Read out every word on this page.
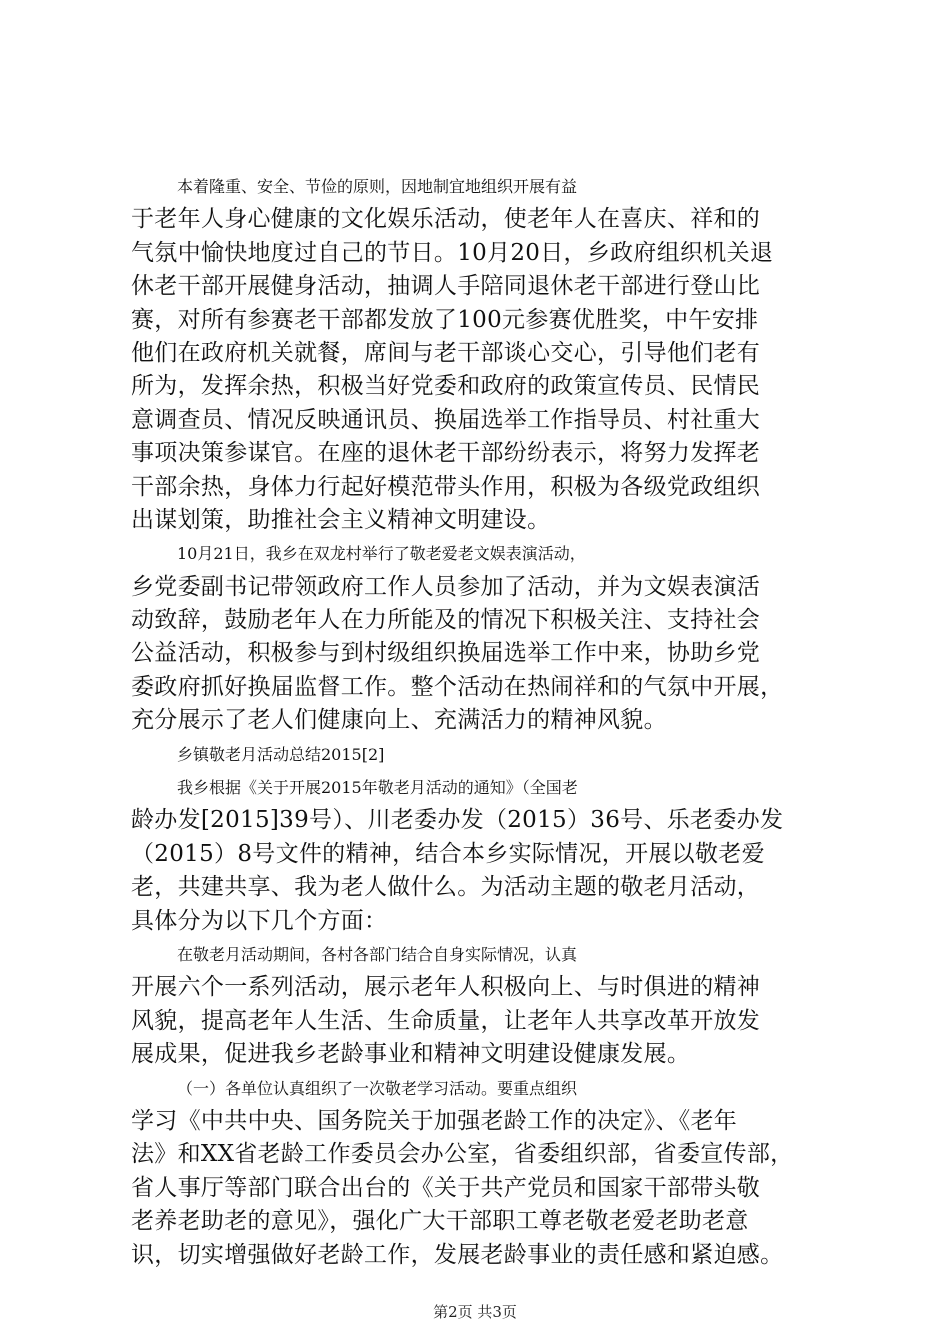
本着隆重、安全、节俭的原则，因地制宜地组织开展有益
于老年人身心健康的文化娱乐活动，使老年人在喜庆、祥和的
气氛中愉快地度过自己的节日。10月20日，乡政府组织机关退
休老干部开展健身活动，抽调人手陪同退休老干部进行登山比
赛，对所有参赛老干部都发放了100元参赛优胜奖，中午安排
他们在政府机关就餐，席间与老干部谈心交心，引导他们老有
所为，发挥余热，积极当好党委和政府的政策宣传员、民情民
意调查员、情况反映通讯员、换届选举工作指导员、村社重大
事项决策参谋官。在座的退休老干部纷纷表示，将努力发挥老
干部余热，身体力行起好模范带头作用，积极为各级党政组织
出谋划策，助推社会主义精神文明建设。
10月21日，我乡在双龙村举行了敬老爱老文娱表演活动，
乡党委副书记带领政府工作人员参加了活动，并为文娱表演活
动致辞，鼓励老年人在力所能及的情况下积极关注、支持社会
公益活动，积极参与到村级组织换届选举工作中来，协助乡党
委政府抓好换届监督工作。整个活动在热闹祥和的气氛中开展，
充分展示了老人们健康向上、充满活力的精神风貌。
乡镇敬老月活动总结2015[2]
我乡根据《关于开展2015年敬老月活动的通知》（全国老
龄办发[2015]39号）、川老委办发（2015）36号、乐老委办发
（2015）8号文件的精神，结合本乡实际情况，开展以敬老爱
老，共建共享、我为老人做什么。为活动主题的敬老月活动，
具体分为以下几个方面：
在敬老月活动期间，各村各部门结合自身实际情况，认真
开展六个一系列活动，展示老年人积极向上、与时俱进的精神
风貌，提高老年人生活、生命质量，让老年人共享改革开放发
展成果，促进我乡老龄事业和精神文明建设健康发展。
（一）各单位认真组织了一次敬老学习活动。要重点组织
学习《中共中央、国务院关于加强老龄工作的决定》、《老年
法》和XX省老龄工作委员会办公室，省委组织部，省委宣传部，
省人事厅等部门联合出台的《关于共产党员和国家干部带头敬
老养老助老的意见》，强化广大干部职工尊老敬老爱老助老意
识，切实增强做好老龄工作，发展老龄事业的责任感和紧迫感。
第2页 共3页
